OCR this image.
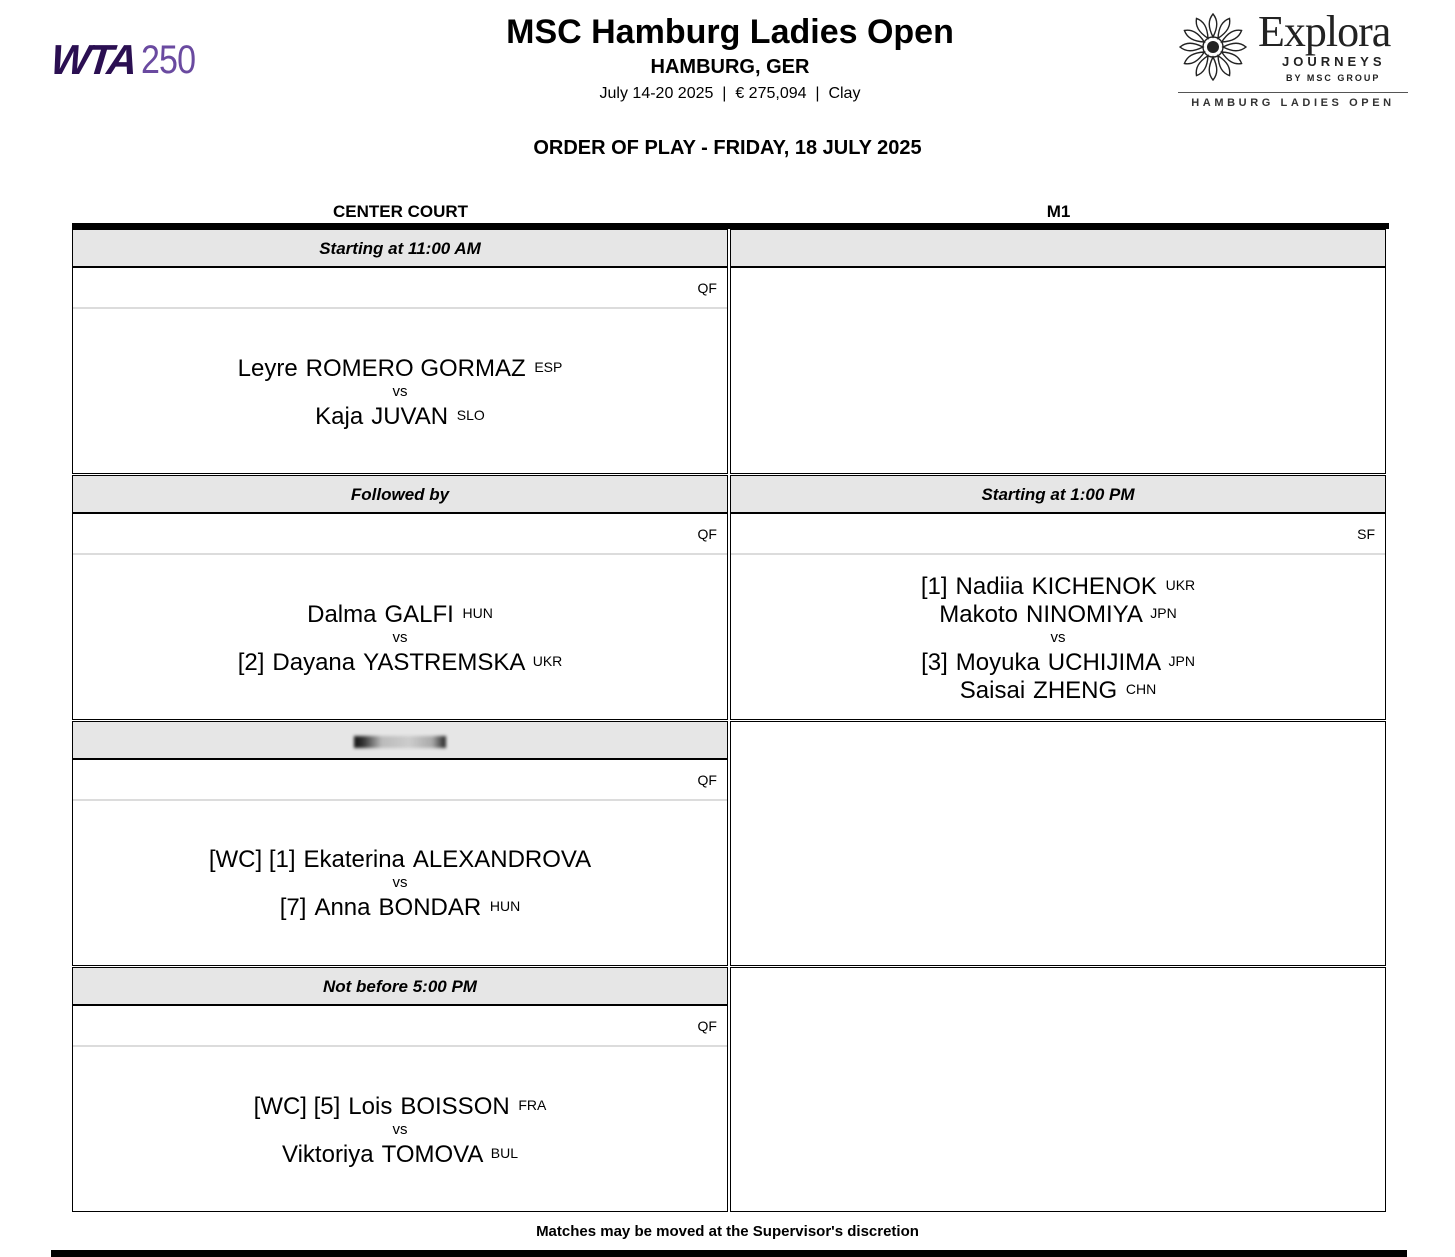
WTA 250
MSC Hamburg Ladies Open
HAMBURG, GER
July 14-20 2025  |  € 275,094  |  Clay
Explora
JOURNEYS
BY MSC GROUP
HAMBURG LADIES OPEN
ORDER OF PLAY - FRIDAY, 18 JULY 2025
CENTER COURT	M1
Starting at 11:00 AM
QF
Leyre ROMERO GORMAZ ESP
vs
Kaja JUVAN SLO
Followed by
QF
Dalma GALFI HUN
vs
[2] Dayana YASTREMSKA UKR
QF
[WC] [1] Ekaterina ALEXANDROVA
vs
[7] Anna BONDAR HUN
Not before 5:00 PM
QF
[WC] [5] Lois BOISSON FRA
vs
Viktoriya TOMOVA BUL
Starting at 1:00 PM
SF
[1] Nadiia KICHENOK UKR
Makoto NINOMIYA JPN
vs
[3] Moyuka UCHIJIMA JPN
Saisai ZHENG CHN
Matches may be moved at the Supervisor's discretion
